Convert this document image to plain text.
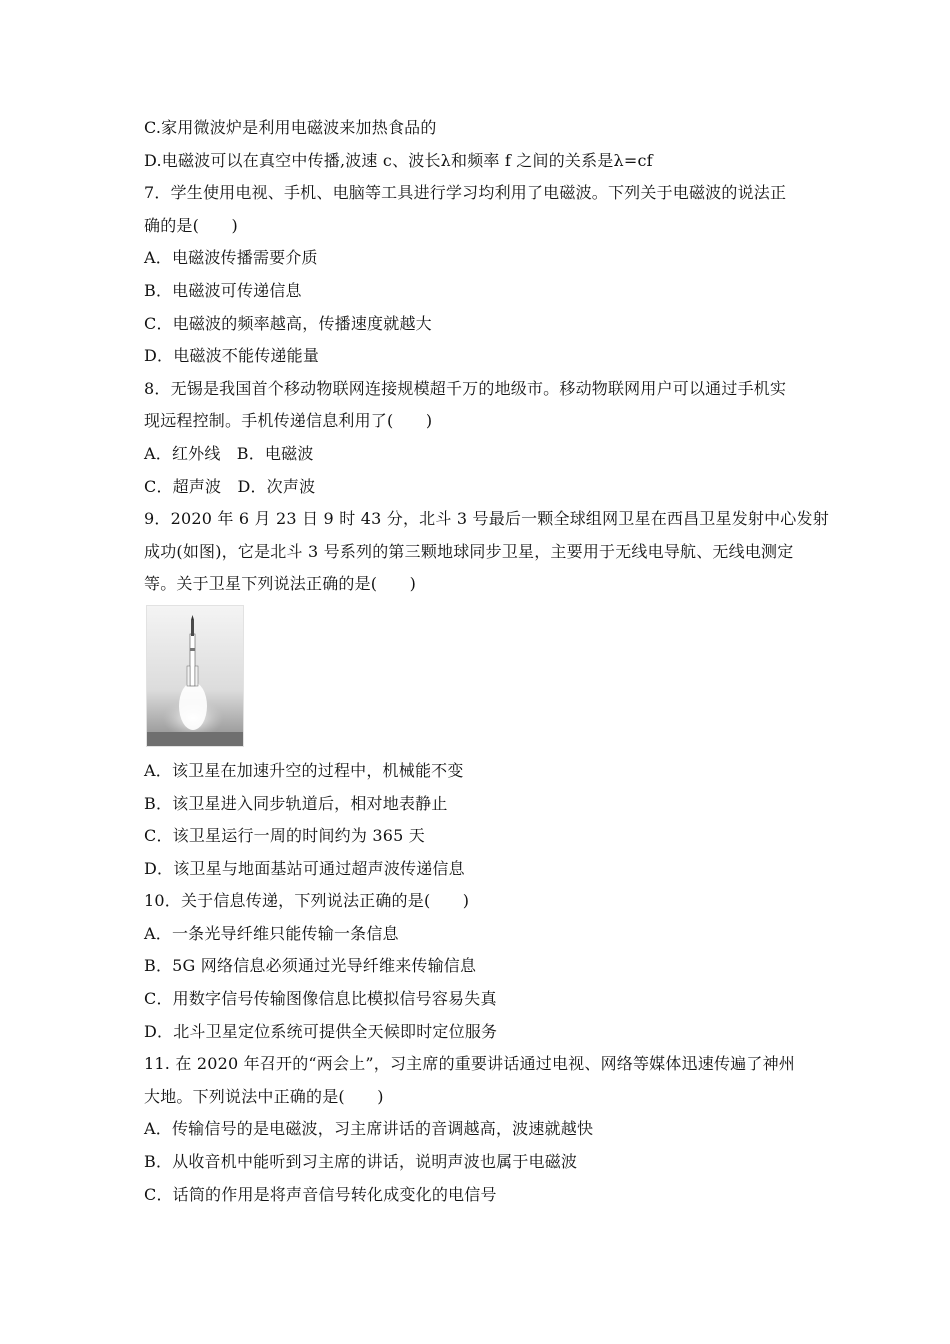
C.家用微波炉是利用电磁波来加热食品的
D.电磁波可以在真空中传播,波速 c、波长λ和频率 f 之间的关系是λ=cf
7．学生使用电视、手机、电脑等工具进行学习均利用了电磁波。下列关于电磁波的说法正
确的是(　　)
A．电磁波传播需要介质
B．电磁波可传递信息
C．电磁波的频率越高，传播速度就越大
D．电磁波不能传递能量
8．无锡是我国首个移动物联网连接规模超千万的地级市。移动物联网用户可以通过手机实
现远程控制。手机传递信息利用了(　　)
A．红外线　B．电磁波
C．超声波　D．次声波
9．2020 年 6 月 23 日 9 时 43 分，北斗 3 号最后一颗全球组网卫星在西昌卫星发射中心发射
成功(如图)，它是北斗 3 号系列的第三颗地球同步卫星，主要用于无线电导航、无线电测定
等。关于卫星下列说法正确的是(　　)
A．该卫星在加速升空的过程中，机械能不变
B．该卫星进入同步轨道后，相对地表静止
C．该卫星运行一周的时间约为 365 天
D．该卫星与地面基站可通过超声波传递信息
10．关于信息传递，下列说法正确的是(　　)
A．一条光导纤维只能传输一条信息
B．5G 网络信息必须通过光导纤维来传输信息
C．用数字信号传输图像信息比模拟信号容易失真
D．北斗卫星定位系统可提供全天候即时定位服务
11. 在 2020 年召开的“两会上”，习主席的重要讲话通过电视、网络等媒体迅速传遍了神州
大地。下列说法中正确的是(　　)
A．传输信号的是电磁波，习主席讲话的音调越高，波速就越快
B．从收音机中能听到习主席的讲话，说明声波也属于电磁波
C．话筒的作用是将声音信号转化成变化的电信号
